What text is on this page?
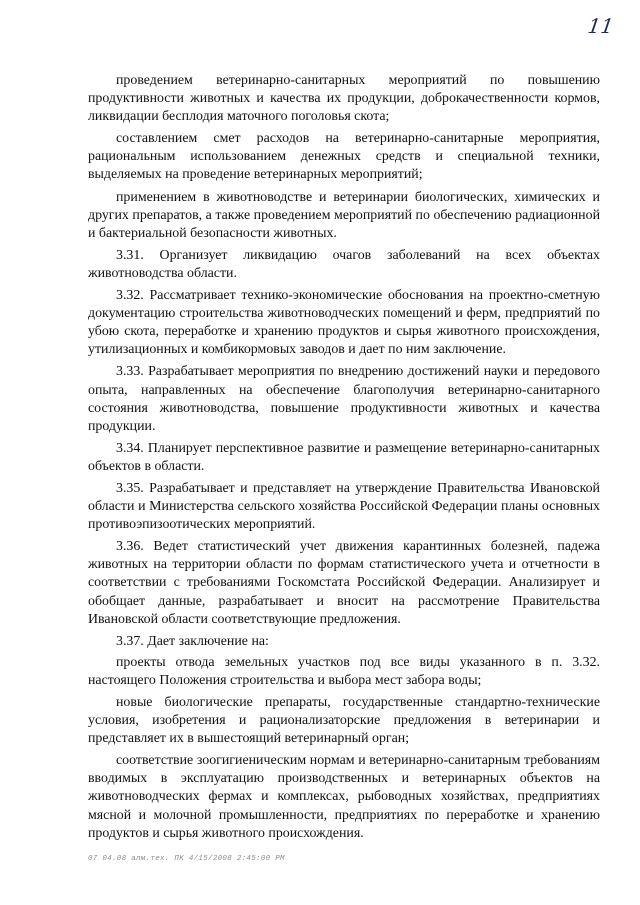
11

проведением ветеринарно-санитарных мероприятий по повышению продуктивности животных и качества их продукции, доброкачественности кормов, ликвидации бесплодия маточного поголовья скота;

составлением смет расходов на ветеринарно-санитарные мероприятия, рациональным использованием денежных средств и специальной техники, выделяемых на проведение ветеринарных мероприятий;

применением в животноводстве и ветеринарии биологических, химических и других препаратов, а также проведением мероприятий по обеспечению радиационной и бактериальной безопасности животных.

3.31. Организует ликвидацию очагов заболеваний на всех объектах животноводства области.

3.32. Рассматривает технико-экономические обоснования на проектно-сметную документацию строительства животноводческих помещений и ферм, предприятий по убою скота, переработке и хранению продуктов и сырья животного происхождения, утилизационных и комбикормовых заводов и дает по ним заключение.

3.33. Разрабатывает мероприятия по внедрению достижений науки и передового опыта, направленных на обеспечение благополучия ветеринарно-санитарного состояния животноводства, повышение продуктивности животных и качества продукции.

3.34. Планирует перспективное развитие и размещение ветеринарно-санитарных объектов в области.

3.35. Разрабатывает и представляет на утверждение Правительства Ивановской области и Министерства сельского хозяйства Российской Федерации планы основных противоэпизоотических мероприятий.

3.36. Ведет статистический учет движения карантинных болезней, падежа животных на территории области по формам статистического учета и отчетности в соответствии с требованиями Госкомстата Российской Федерации. Анализирует и обобщает данные, разрабатывает и вносит на рассмотрение Правительства Ивановской области соответствующие предложения.

3.37. Дает заключение на:

проекты отвода земельных участков под все виды указанного в п. 3.32. настоящего Положения строительства и выбора мест забора воды;

новые биологические препараты, государственные стандартно-технические условия, изобретения и рационализаторские предложения в ветеринарии и представляет их в вышестоящий ветеринарный орган;

соответствие зоогигиеническим нормам и ветеринарно-санитарным требованиям вводимых в эксплуатацию производственных и ветеринарных объектов на животноводческих фермах и комплексах, рыбоводных хозяйствах, предприятиях мясной и молочной промышленности, предприятиях по переработке и хранению продуктов и сырья животного происхождения.

07 04.08 алм.тех. ПК 4/15/2008 2:45:00 РМ
